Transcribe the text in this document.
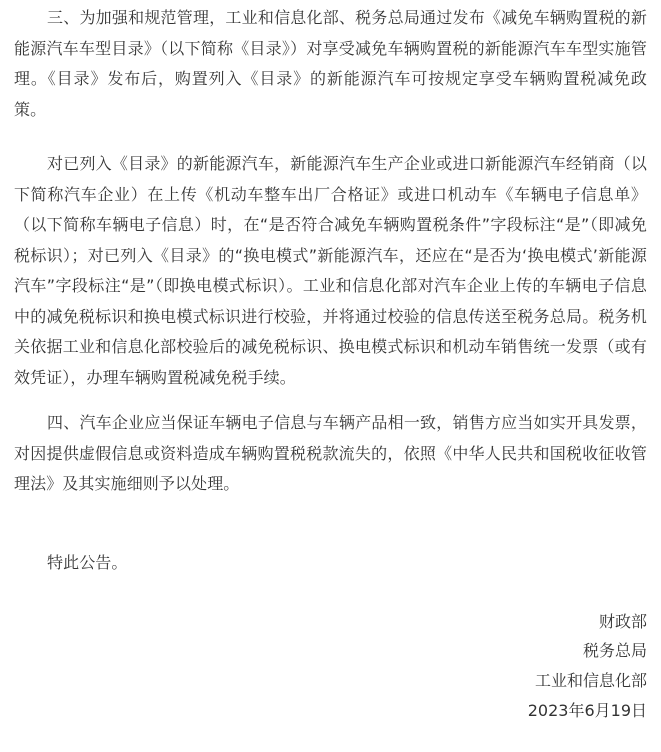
三、为加强和规范管理，工业和信息化部、税务总局通过发布《减免车辆购置税的新能源汽车车型目录》（以下简称《目录》）对享受减免车辆购置税的新能源汽车车型实施管理。《目录》发布后，购置列入《目录》的新能源汽车可按规定享受车辆购置税减免政策。

对已列入《目录》的新能源汽车，新能源汽车生产企业或进口新能源汽车经销商（以下简称汽车企业）在上传《机动车整车出厂合格证》或进口机动车《车辆电子信息单》（以下简称车辆电子信息）时，在“是否符合减免车辆购置税条件”字段标注“是”（即减免税标识）；对已列入《目录》的“换电模式”新能源汽车，还应在“是否为‘换电模式’新能源汽车”字段标注“是”（即换电模式标识）。工业和信息化部对汽车企业上传的车辆电子信息中的减免税标识和换电模式标识进行校验，并将通过校验的信息传送至税务总局。税务机关依据工业和信息化部校验后的减免税标识、换电模式标识和机动车销售统一发票（或有效凭证），办理车辆购置税减免税手续。

四、汽车企业应当保证车辆电子信息与车辆产品相一致，销售方应当如实开具发票，对因提供虚假信息或资料造成车辆购置税税款流失的，依照《中华人民共和国税收征收管理法》及其实施细则予以处理。

特此公告。

财政部
税务总局
工业和信息化部
2023年6月19日
